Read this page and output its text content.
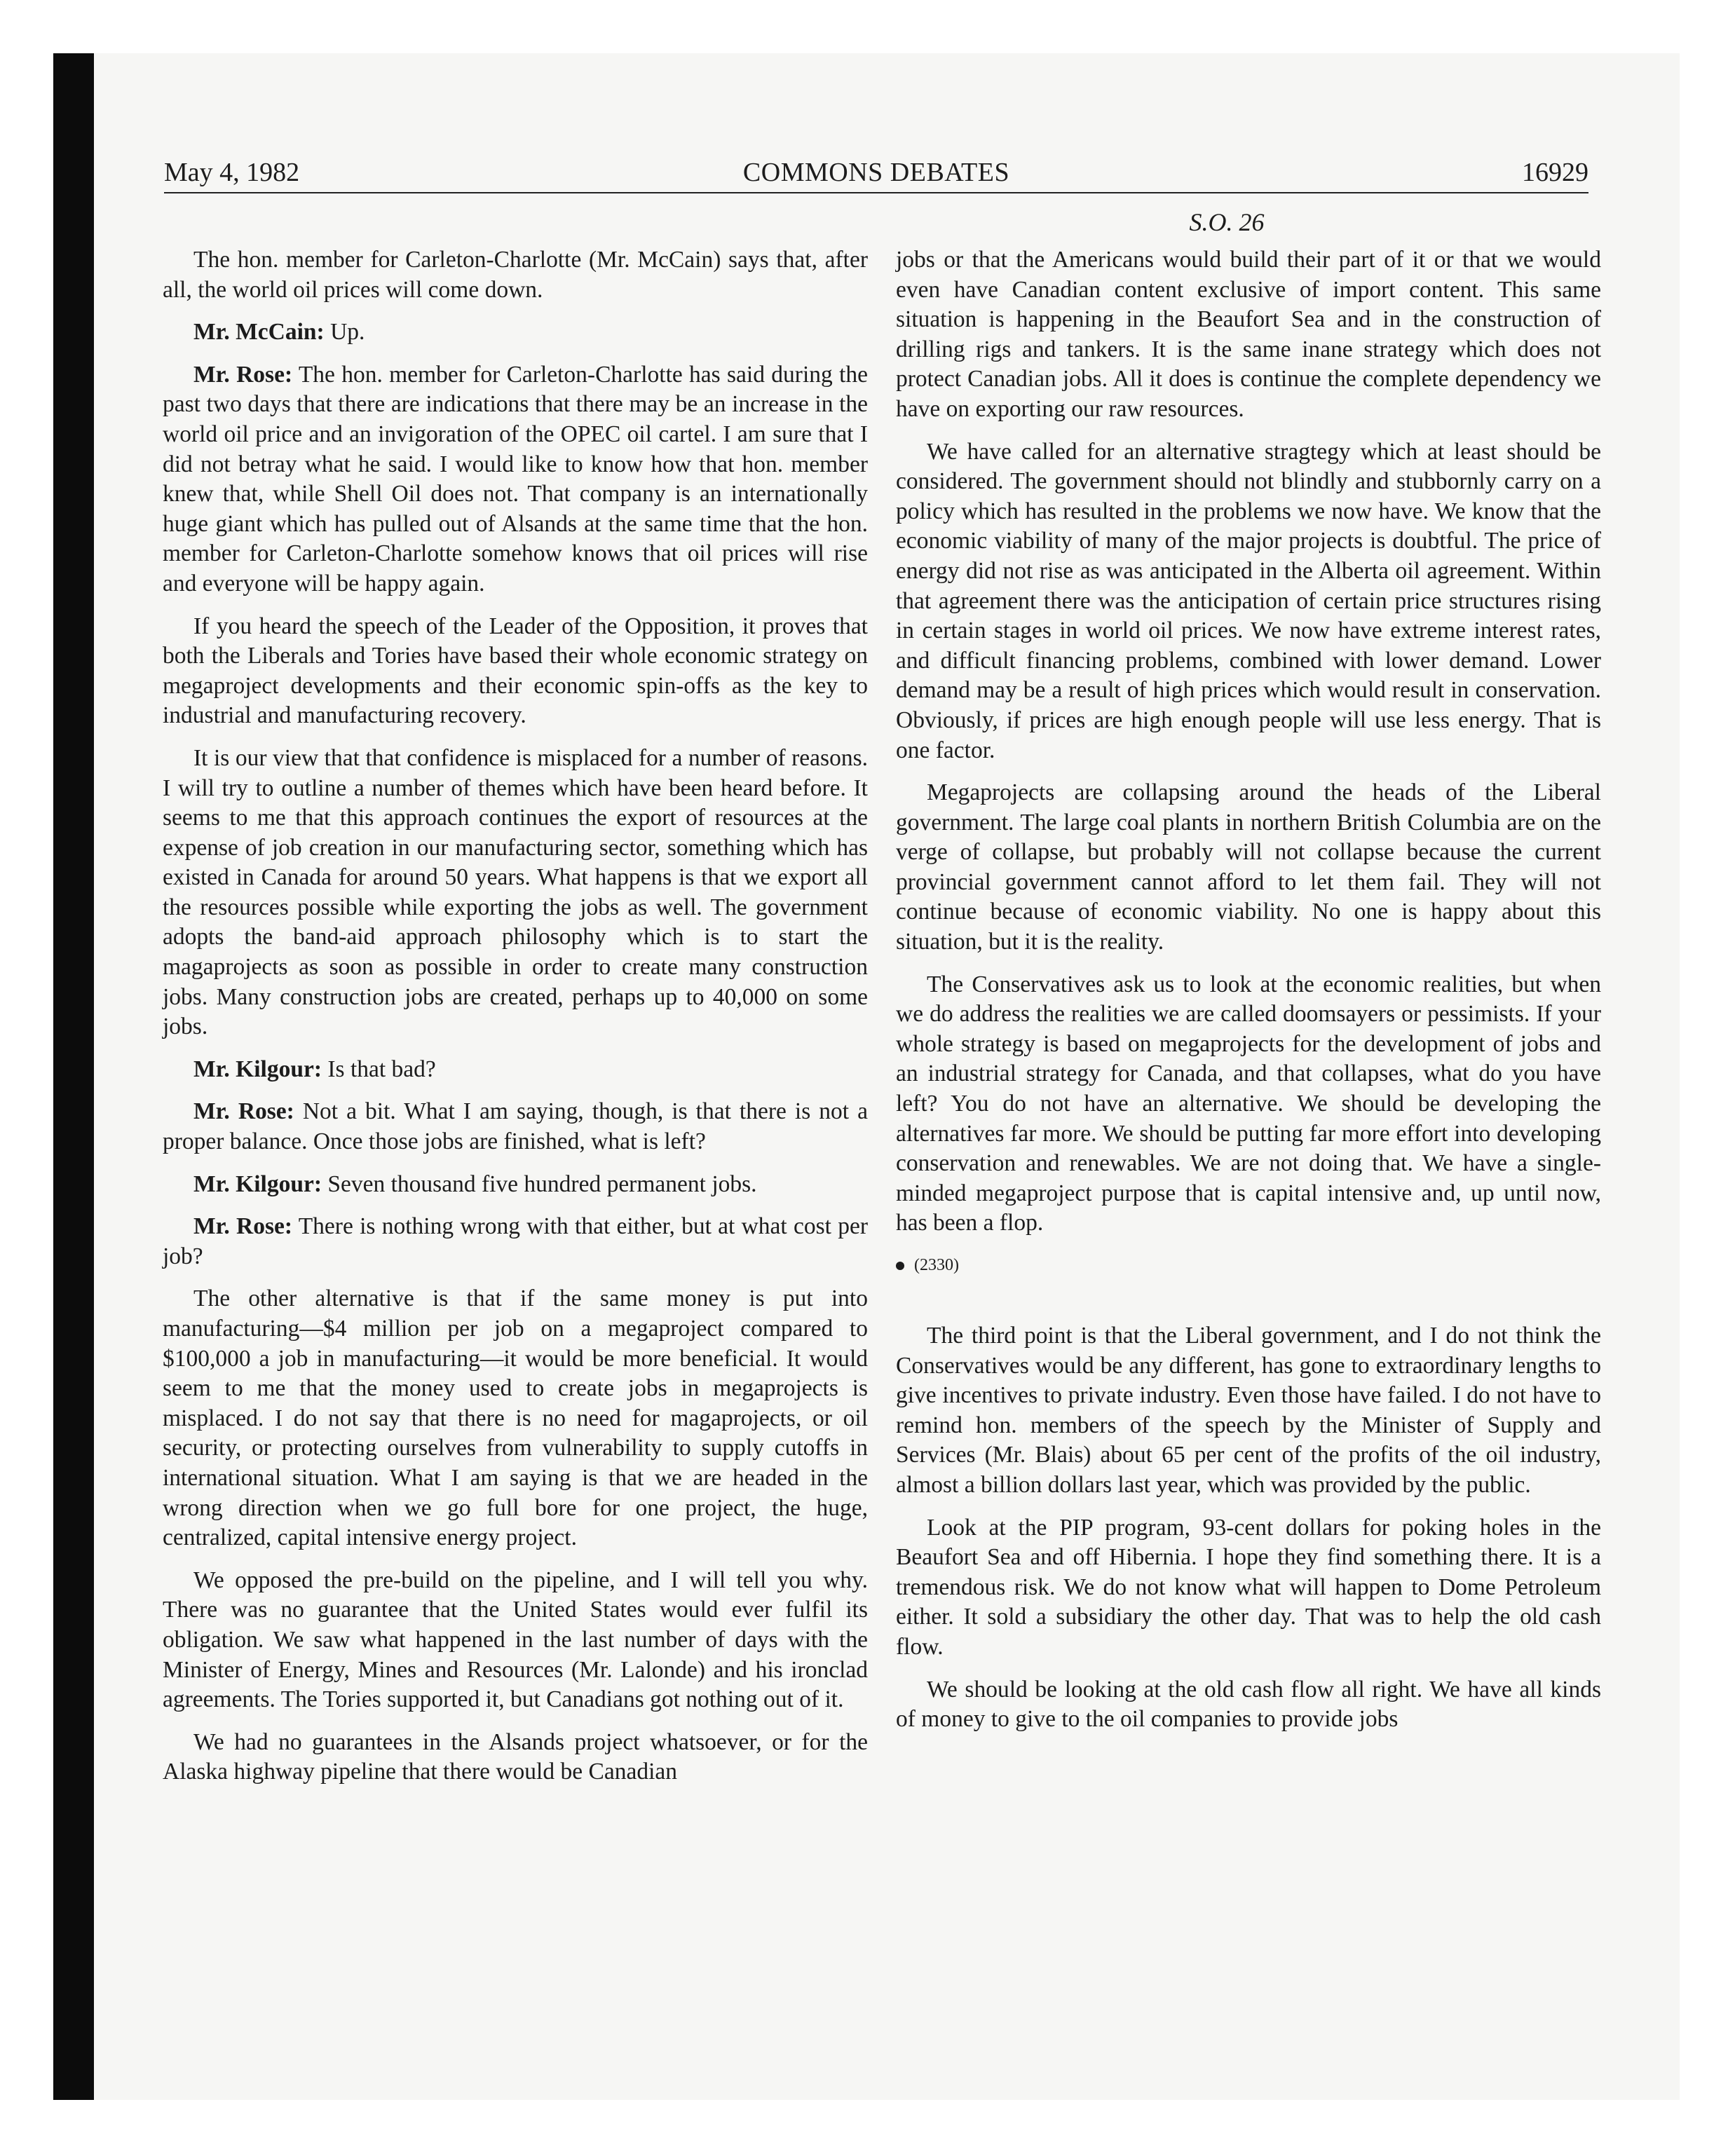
May 4, 1982	COMMONS DEBATES	16929
S.O. 26

The hon. member for Carleton-Charlotte (Mr. McCain) says that, after all, the world oil prices will come down.

Mr. McCain: Up.

Mr. Rose: The hon. member for Carleton-Charlotte has said during the past two days that there are indications that there may be an increase in the world oil price and an invigoration of the OPEC oil cartel. I am sure that I did not betray what he said. I would like to know how that hon. member knew that, while Shell Oil does not. That company is an internationally huge giant which has pulled out of Alsands at the same time that the hon. member for Carleton-Charlotte somehow knows that oil prices will rise and everyone will be happy again.

If you heard the speech of the Leader of the Opposition, it proves that both the Liberals and Tories have based their whole economic strategy on megaproject developments and their economic spin-offs as the key to industrial and manufacturing recovery.

It is our view that that confidence is misplaced for a number of reasons. I will try to outline a number of themes which have been heard before. It seems to me that this approach continues the export of resources at the expense of job creation in our manufacturing sector, something which has existed in Canada for around 50 years. What happens is that we export all the resources possible while exporting the jobs as well. The government adopts the band-aid approach philosophy which is to start the magaprojects as soon as possible in order to create many construction jobs. Many construction jobs are created, perhaps up to 40,000 on some jobs.

Mr. Kilgour: Is that bad?

Mr. Rose: Not a bit. What I am saying, though, is that there is not a proper balance. Once those jobs are finished, what is left?

Mr. Kilgour: Seven thousand five hundred permanent jobs.

Mr. Rose: There is nothing wrong with that either, but at what cost per job?

The other alternative is that if the same money is put into manufacturing—$4 million per job on a megaproject compared to $100,000 a job in manufacturing—it would be more beneficial. It would seem to me that the money used to create jobs in megaprojects is misplaced. I do not say that there is no need for magaprojects, or oil security, or protecting ourselves from vulnerability to supply cutoffs in international situation. What I am saying is that we are headed in the wrong direction when we go full bore for one project, the huge, centralized, capital intensive energy project.

We opposed the pre-build on the pipeline, and I will tell you why. There was no guarantee that the United States would ever fulfil its obligation. We saw what happened in the last number of days with the Minister of Energy, Mines and Resources (Mr. Lalonde) and his ironclad agreements. The Tories supported it, but Canadians got nothing out of it.

We had no guarantees in the Alsands project whatsoever, or for the Alaska highway pipeline that there would be Canadian

jobs or that the Americans would build their part of it or that we would even have Canadian content exclusive of import content. This same situation is happening in the Beaufort Sea and in the construction of drilling rigs and tankers. It is the same inane strategy which does not protect Canadian jobs. All it does is continue the complete dependency we have on exporting our raw resources.

We have called for an alternative stragtegy which at least should be considered. The government should not blindly and stubbornly carry on a policy which has resulted in the problems we now have. We know that the economic viability of many of the major projects is doubtful. The price of energy did not rise as was anticipated in the Alberta oil agreement. Within that agreement there was the anticipation of certain price structures rising in certain stages in world oil prices. We now have extreme interest rates, and difficult financing problems, combined with lower demand. Lower demand may be a result of high prices which would result in conservation. Obviously, if prices are high enough people will use less energy. That is one factor.

Megaprojects are collapsing around the heads of the Liberal government. The large coal plants in northern British Columbia are on the verge of collapse, but probably will not collapse because the current provincial government cannot afford to let them fail. They will not continue because of economic viability. No one is happy about this situation, but it is the reality.

The Conservatives ask us to look at the economic realities, but when we do address the realities we are called doomsayers or pessimists. If your whole strategy is based on megaprojects for the development of jobs and an industrial strategy for Canada, and that collapses, what do you have left? You do not have an alternative. We should be developing the alternatives far more. We should be putting far more effort into developing conservation and renewables. We are not doing that. We have a single-minded megaproject purpose that is capital intensive and, up until now, has been a flop.

(2330)

The third point is that the Liberal government, and I do not think the Conservatives would be any different, has gone to extraordinary lengths to give incentives to private industry. Even those have failed. I do not have to remind hon. members of the speech by the Minister of Supply and Services (Mr. Blais) about 65 per cent of the profits of the oil industry, almost a billion dollars last year, which was provided by the public.

Look at the PIP program, 93-cent dollars for poking holes in the Beaufort Sea and off Hibernia. I hope they find something there. It is a tremendous risk. We do not know what will happen to Dome Petroleum either. It sold a subsidiary the other day. That was to help the old cash flow.

We should be looking at the old cash flow all right. We have all kinds of money to give to the oil companies to provide jobs
